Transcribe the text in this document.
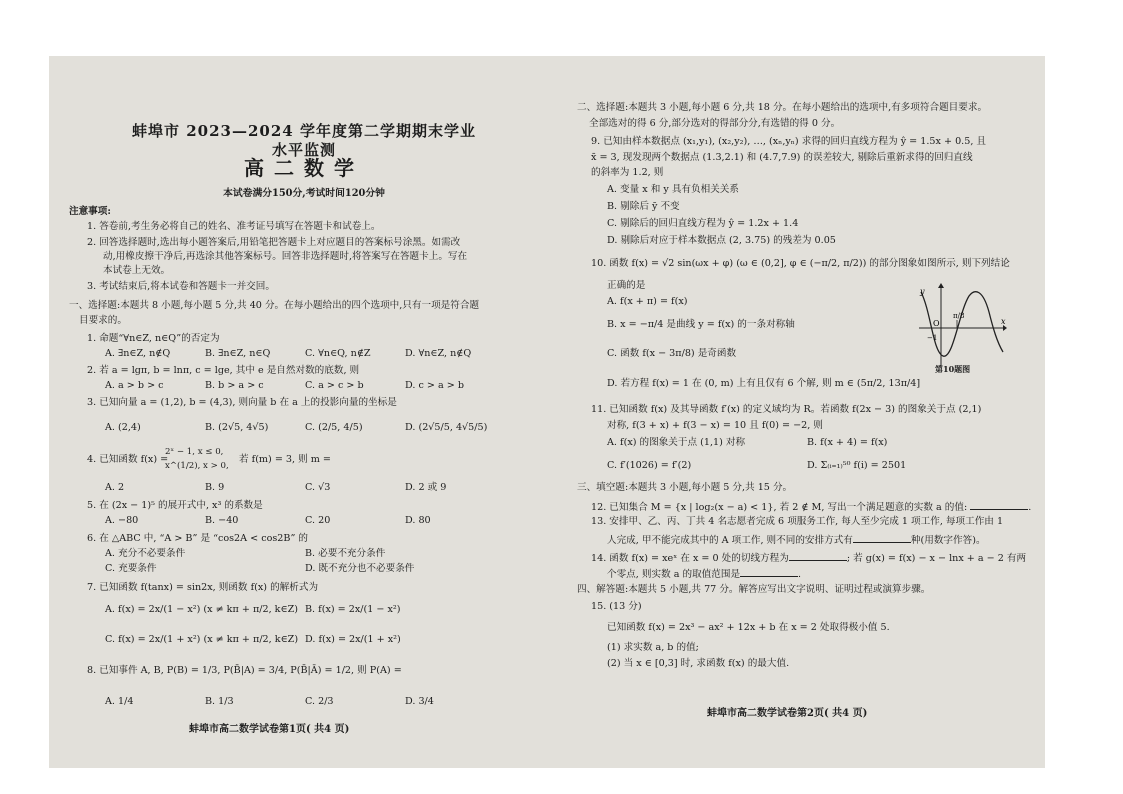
蚌埠市 2023—2024 学年度第二学期期末学业水平监测
高二数学
本试卷满分150分,考试时间120分钟
注意事项:
1. 答卷前,考生务必将自己的姓名、准考证号填写在答题卡和试卷上。
2. 回答选择题时,选出每小题答案后,用铅笔把答题卡上对应题目的答案标号涂黑。如需改
动,用橡皮擦干净后,再选涂其他答案标号。回答非选择题时,将答案写在答题卡上。写在
本试卷上无效。
3. 考试结束后,将本试卷和答题卡一并交回。
一、选择题:本题共 8 小题,每小题 5 分,共 40 分。在每小题给出的四个选项中,只有一项是符合题
目要求的。
1. 命题“∀n∈Z, n∈Q”的否定为
A. ∃n∈Z, n∉Q	B. ∃n∈Z, n∈Q	C. ∀n∈Q, n∉Z	D. ∀n∈Z, n∉Q
2. 若 a = lgπ, b = lnπ, c = lge, 其中 e 是自然对数的底数, 则
A. a > b > c	B. b > a > c	C. a > c > b	D. c > a > b
3. 已知向量 a = (1,2), b = (4,3), 则向量 b 在 a 上的投影向量的坐标是
A. (2,4)	B. (2√5, 4√5)	C. (2/5, 4/5)	D. (2√5/5, 4√5/5)
4. 已知函数 f(x) =
2ˣ − 1, x ≤ 0,
x^(1/2), x > 0,
若 f(m) = 3, 则 m =
A. 2	B. 9	C. √3	D. 2 或 9
5. 在 (2x − 1)⁵ 的展开式中, x³ 的系数是
A. −80	B. −40	C. 20	D. 80
6. 在 △ABC 中, “A > B” 是 “cos2A < cos2B” 的
A. 充分不必要条件	B. 必要不充分条件
C. 充要条件	D. 既不充分也不必要条件
7. 已知函数 f(tanx) = sin2x, 则函数 f(x) 的解析式为
A. f(x) = 2x/(1 − x²) (x ≠ kπ + π/2, k∈Z) B. f(x) = 2x/(1 − x²)
C. f(x) = 2x/(1 + x²) (x ≠ kπ + π/2, k∈Z) D. f(x) = 2x/(1 + x²)
8. 已知事件 A, B, P(B) = 1/3, P(B̄|A) = 3/4, P(B̄|Ā) = 1/2, 则 P(A) =
A. 1/4	B. 1/3	C. 2/3	D. 3/4
蚌埠市高二数学试卷第1页( 共4 页)
二、选择题:本题共 3 小题,每小题 6 分,共 18 分。在每小题给出的选项中,有多项符合题目要求。
全部选对的得 6 分,部分选对的得部分分,有选错的得 0 分。
9. 已知由样本数据点 (x₁,y₁), (x₂,y₂), …, (xₙ,yₙ) 求得的回归直线方程为 ŷ = 1.5x + 0.5, 且
x̄ = 3, 现发现两个数据点 (1.3,2.1) 和 (4.7,7.9) 的误差较大, 剔除后重新求得的回归直线
的斜率为 1.2, 则
A. 变量 x 和 y 具有负相关关系
B. 剔除后 ȳ 不变
C. 剔除后的回归直线方程为 ŷ = 1.2x + 1.4
D. 剔除后对应于样本数据点 (2, 3.75) 的残差为 0.05
10. 函数 f(x) = √2 sin(ωx + φ) (ω ∈ (0,2], φ ∈ (−π/2, π/2)) 的部分图象如图所示, 则下列结论
正确的是
A. f(x + π) = f(x)
B. x = −π/4 是曲线 y = f(x) 的一条对称轴
C. 函数 f(x − 3π/8) 是奇函数
D. 若方程 f(x) = 1 在 (0, m) 上有且仅有 6 个解, 则 m ∈ (5π/2, 13π/4]
y
x
O
−1
π/8
第10题图
11. 已知函数 f(x) 及其导函数 f′(x) 的定义域均为 R。若函数 f(2x − 3) 的图象关于点 (2,1)
对称, f(3 + x) + f(3 − x) = 10 且 f(0) = −2, 则
A. f(x) 的图象关于点 (1,1) 对称	B. f(x + 4) = f(x)
C. f′(1026) = f′(2)	D. Σ₍ᵢ₌₁₎⁵⁰ f(i) = 2501
三、填空题:本题共 3 小题,每小题 5 分,共 15 分。
12. 已知集合 M = {x | log₂(x − a) < 1}, 若 2 ∉ M, 写出一个满足题意的实数 a 的值:	.
13. 安排甲、乙、丙、丁共 4 名志愿者完成 6 项服务工作, 每人至少完成 1 项工作, 每项工作由 1
人完成, 甲不能完成其中的 A 项工作, 则不同的安排方式有	种(用数字作答)。
14. 函数 f(x) = xeˣ 在 x = 0 处的切线方程为	; 若 g(x) = f(x) − x − lnx + a − 2 有两
个零点, 则实数 a 的取值范围是	.
四、解答题:本题共 5 小题,共 77 分。解答应写出文字说明、证明过程或演算步骤。
15. (13 分)
已知函数 f(x) = 2x³ − ax² + 12x + b 在 x = 2 处取得极小值 5.
(1) 求实数 a, b 的值;
(2) 当 x ∈ [0,3] 时, 求函数 f(x) 的最大值.
蚌埠市高二数学试卷第2页( 共4 页)
